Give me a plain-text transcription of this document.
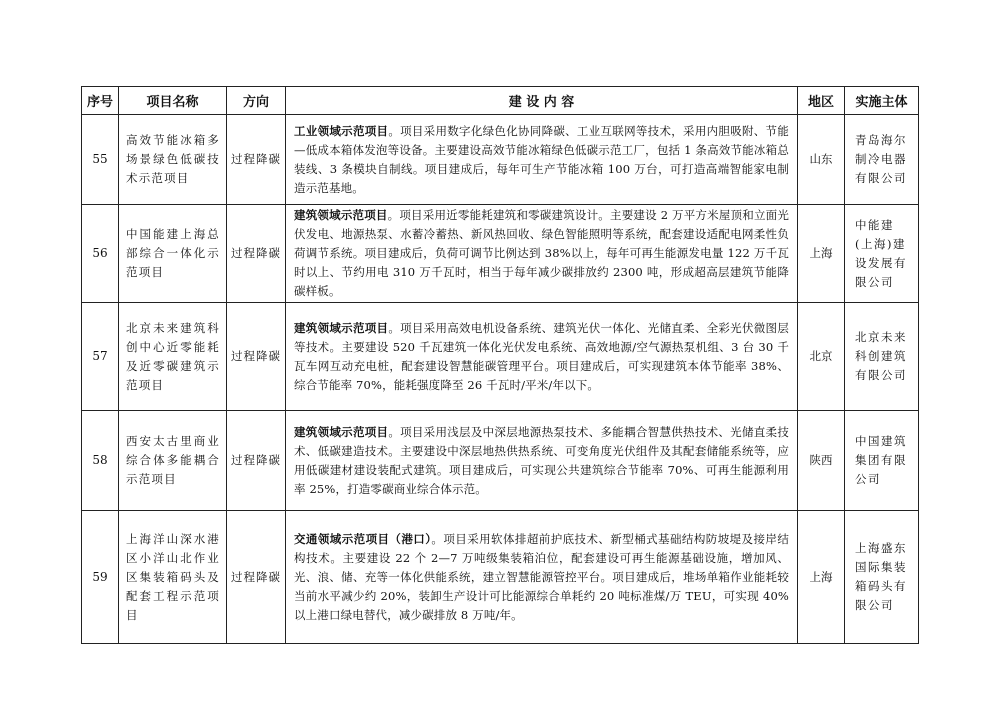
序号	项目名称	方向	建 设 内 容	地区	实施主体
55	高效节能冰箱多场景绿色低碳技术示范项目	过程降碳	工业领域示范项目。项目采用数字化绿色化协同降碳、工业互联网等技术，采用内胆吸附、节能—低成本箱体发泡等设备。主要建设高效节能冰箱绿色低碳示范工厂，包括 1 条高效节能冰箱总装线、3 条模块自制线。项目建成后，每年可生产节能冰箱 100 万台，可打造高端智能家电制造示范基地。	山东	青岛海尔制冷电器有限公司
56	中国能建上海总部综合一体化示范项目	过程降碳	建筑领域示范项目。项目采用近零能耗建筑和零碳建筑设计。主要建设 2 万平方米屋顶和立面光伏发电、地源热泵、水蓄冷蓄热、新风热回收、绿色智能照明等系统，配套建设适配电网柔性负荷调节系统。项目建成后，负荷可调节比例达到 38%以上，每年可再生能源发电量 122 万千瓦时以上、节约用电 310 万千瓦时，相当于每年减少碳排放约 2300 吨，形成超高层建筑节能降碳样板。	上海	中能建(上海)建设发展有限公司
57	北京未来建筑科创中心近零能耗及近零碳建筑示范项目	过程降碳	建筑领域示范项目。项目采用高效电机设备系统、建筑光伏一体化、光储直柔、全彩光伏微图层等技术。主要建设 520 千瓦建筑一体化光伏发电系统、高效地源/空气源热泵机组、3 台 30 千瓦车网互动充电桩，配套建设智慧能碳管理平台。项目建成后，可实现建筑本体节能率 38%、综合节能率 70%，能耗强度降至 26 千瓦时/平米/年以下。	北京	北京未来科创建筑有限公司
58	西安太古里商业综合体多能耦合示范项目	过程降碳	建筑领域示范项目。项目采用浅层及中深层地源热泵技术、多能耦合智慧供热技术、光储直柔技术、低碳建造技术。主要建设中深层地热供热系统、可变角度光伏组件及其配套储能系统等，应用低碳建材建设装配式建筑。项目建成后，可实现公共建筑综合节能率 70%、可再生能源利用率 25%，打造零碳商业综合体示范。	陕西	中国建筑集团有限公司
59	上海洋山深水港区小洋山北作业区集装箱码头及配套工程示范项目	过程降碳	交通领域示范项目（港口）。项目采用软体排超前护底技术、新型桶式基础结构防坡堤及接岸结构技术。主要建设 22 个 2—7 万吨级集装箱泊位，配套建设可再生能源基础设施，增加风、光、浪、储、充等一体化供能系统，建立智慧能源管控平台。项目建成后，堆场单箱作业能耗较当前水平减少约 20%，装卸生产设计可比能源综合单耗约 20 吨标准煤/万 TEU，可实现 40%以上港口绿电替代，减少碳排放 8 万吨/年。	上海	上海盛东国际集装箱码头有限公司
